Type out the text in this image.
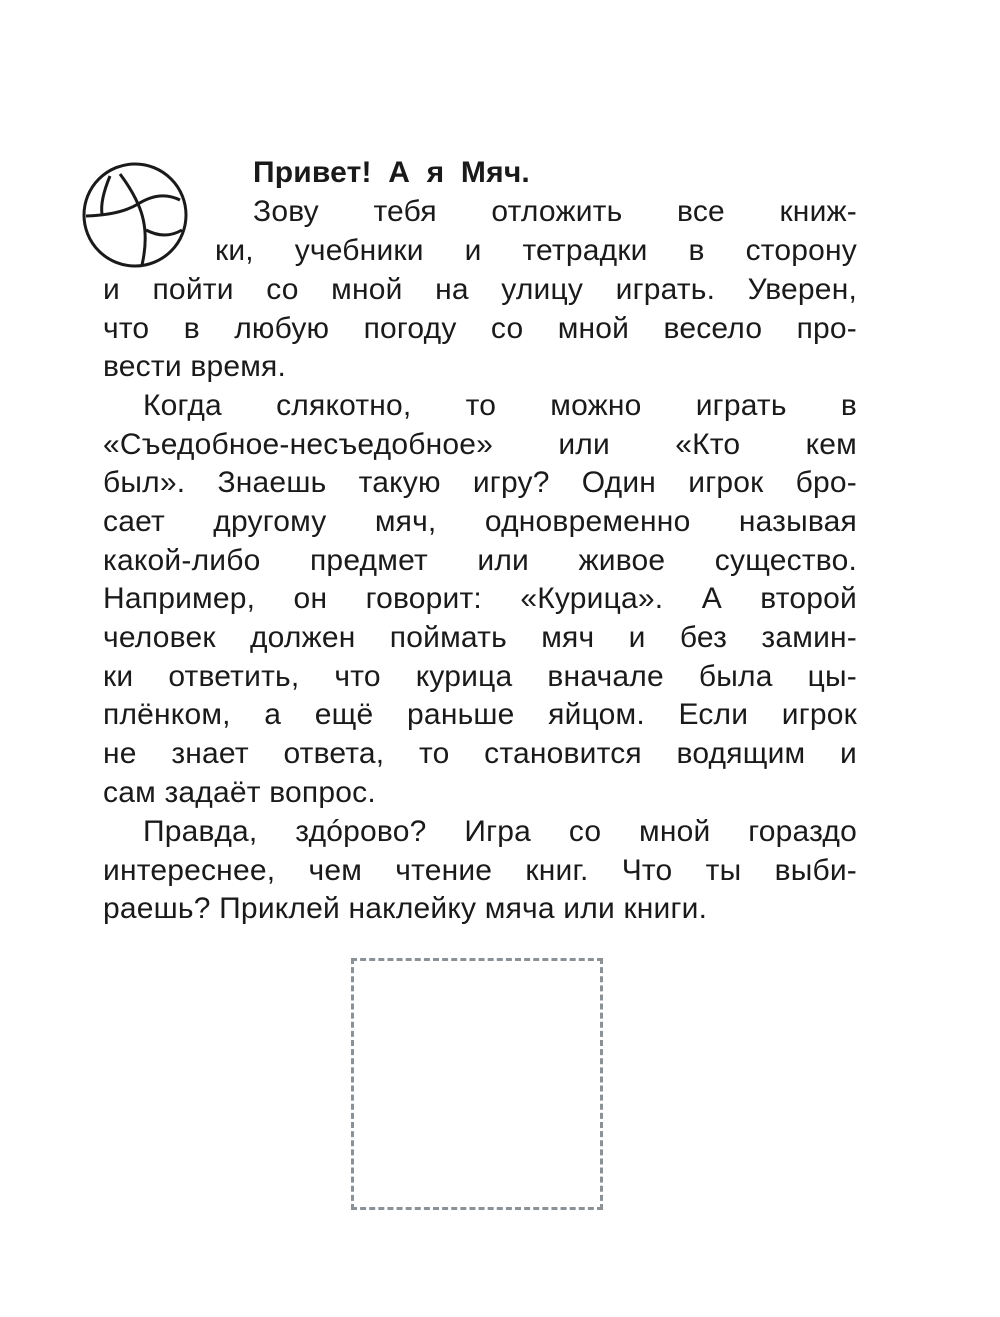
Привет! А я Мяч.
Зову тебя отложить все книж-
ки, учебники и тетрадки в сторону
и пойти со мной на улицу играть. Уверен,
что в любую погоду со мной весело про-
вести время.
Когда слякотно, то можно играть в
«Съедобное-несъедобное» или «Кто кем
был». Знаешь такую игру? Один игрок бро-
сает другому мяч, одновременно называя
какой-либо предмет или живое существо.
Например, он говорит: «Курица». А второй
человек должен поймать мяч и без замин-
ки ответить, что курица вначале была цы-
плёнком, а ещё раньше яйцом. Если игрок
не знает ответа, то становится водящим и
сам задаёт вопрос.
Правда, здóрово? Игра со мной гораздо
интереснее, чем чтение книг. Что ты выби-
раешь? Приклей наклейку мяча или книги.
